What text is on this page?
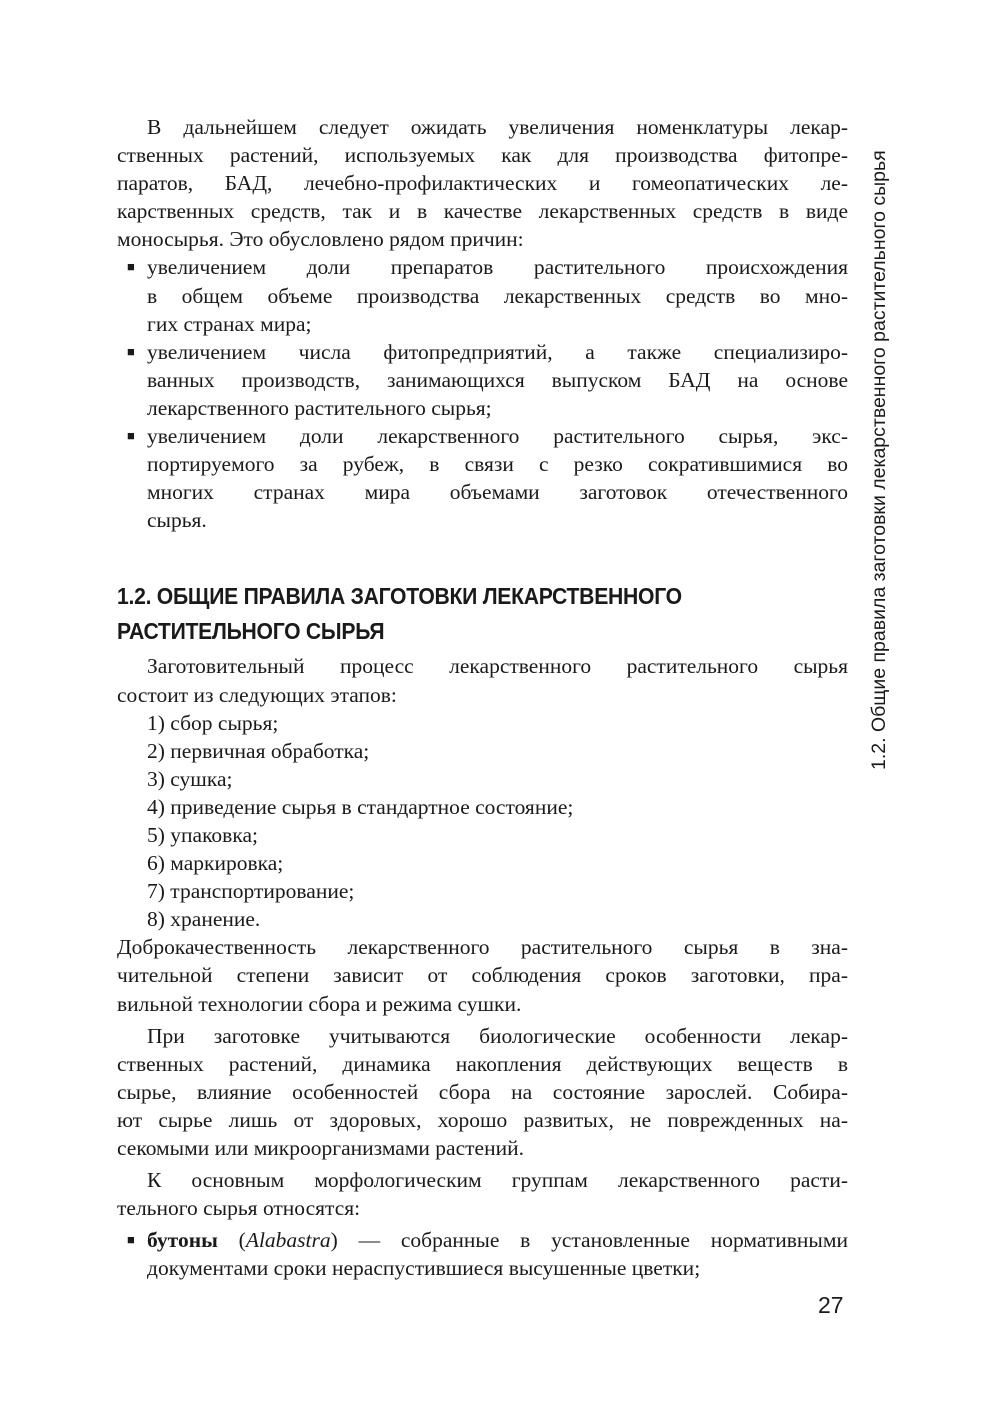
В дальнейшем следует ожидать увеличения номенклатуры лекар-
ственных растений, используемых как для производства фитопре-
паратов, БАД, лечебно-профилактических и гомеопатических ле-
карственных средств, так и в качестве лекарственных средств в виде
моносырья. Это обусловлено рядом причин:
■ увеличением доли препаратов растительного происхождения
в общем объеме производства лекарственных средств во мно-
гих странах мира;
■ увеличением числа фитопредприятий, а также специализиро-
ванных производств, занимающихся выпуском БАД на основе
лекарственного растительного сырья;
■ увеличением доли лекарственного растительного сырья, экс-
портируемого за рубеж, в связи с резко сократившимися во
многих странах мира объемами заготовок отечественного
сырья.
1.2. ОБЩИЕ ПРАВИЛА ЗАГОТОВКИ ЛЕКАРСТВЕННОГО
РАСТИТЕЛЬНОГО СЫРЬЯ
Заготовительный процесс лекарственного растительного сырья
состоит из следующих этапов:
1) сбор сырья;
2) первичная обработка;
3) сушка;
4) приведение сырья в стандартное состояние;
5) упаковка;
6) маркировка;
7) транспортирование;
8) хранение.
Доброкачественность лекарственного растительного сырья в зна-
чительной степени зависит от соблюдения сроков заготовки, пра-
вильной технологии сбора и режима сушки.
При заготовке учитываются биологические особенности лекар-
ственных растений, динамика накопления действующих веществ в
сырье, влияние особенностей сбора на состояние зарослей. Собира-
ют сырье лишь от здоровых, хорошо развитых, не поврежденных на-
секомыми или микроорганизмами растений.
К основным морфологическим группам лекарственного расти-
тельного сырья относятся:
■ бутоны (Alabastra) — собранные в установленные нормативными
документами сроки нераспустившиеся высушенные цветки;
1.2. Общие правила заготовки лекарственного растительного сырья
27
